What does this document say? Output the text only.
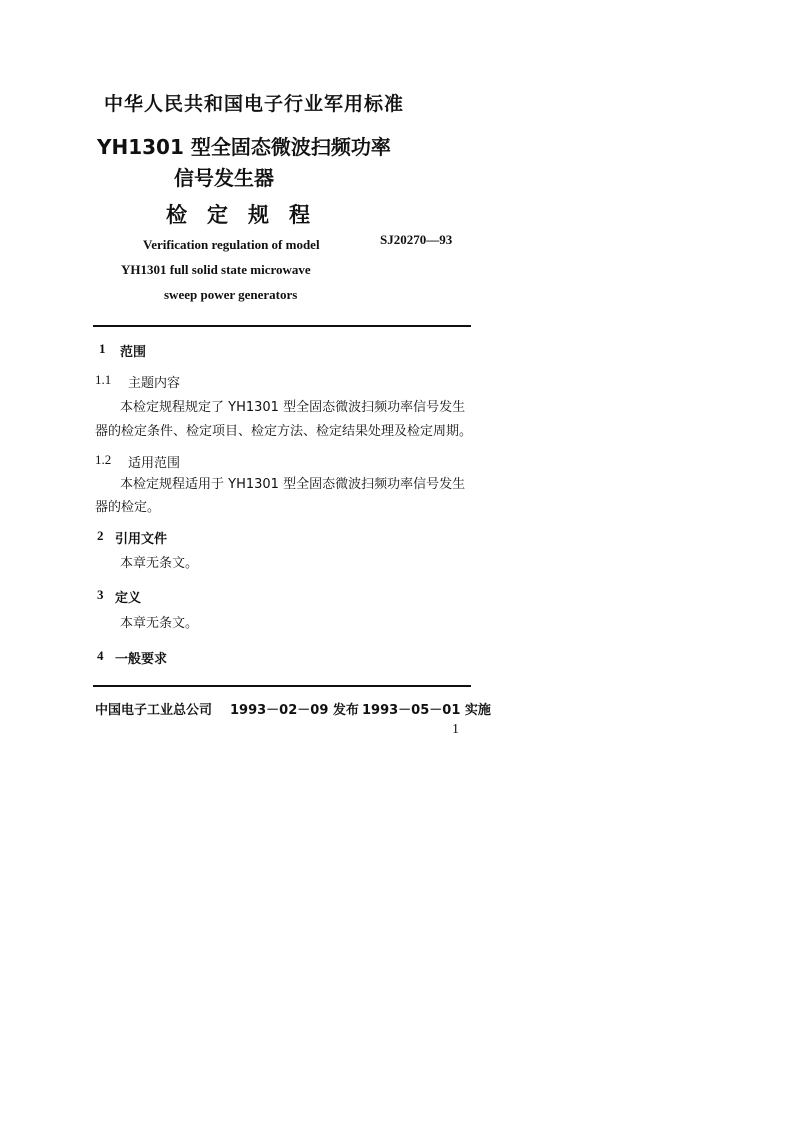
中华人民共和国电子行业军用标准
YH1301 型全固态微波扫频功率
信号发生器
检定规程
Verification regulation of model
YH1301 full solid state microwave
sweep power generators
SJ20270—93
1 范围
1.1 主题内容
本检定规程规定了 YH1301 型全固态微波扫频功率信号发生
器的检定条件、检定项目、检定方法、检定结果处理及检定周期。
1.2 适用范围
本检定规程适用于 YH1301 型全固态微波扫频功率信号发生
器的检定。
2 引用文件
本章无条文。
3 定义
本章无条文。
4 一般要求
中国电子工业总公司 1993－02－09 发布 1993－05－01 实施
1
